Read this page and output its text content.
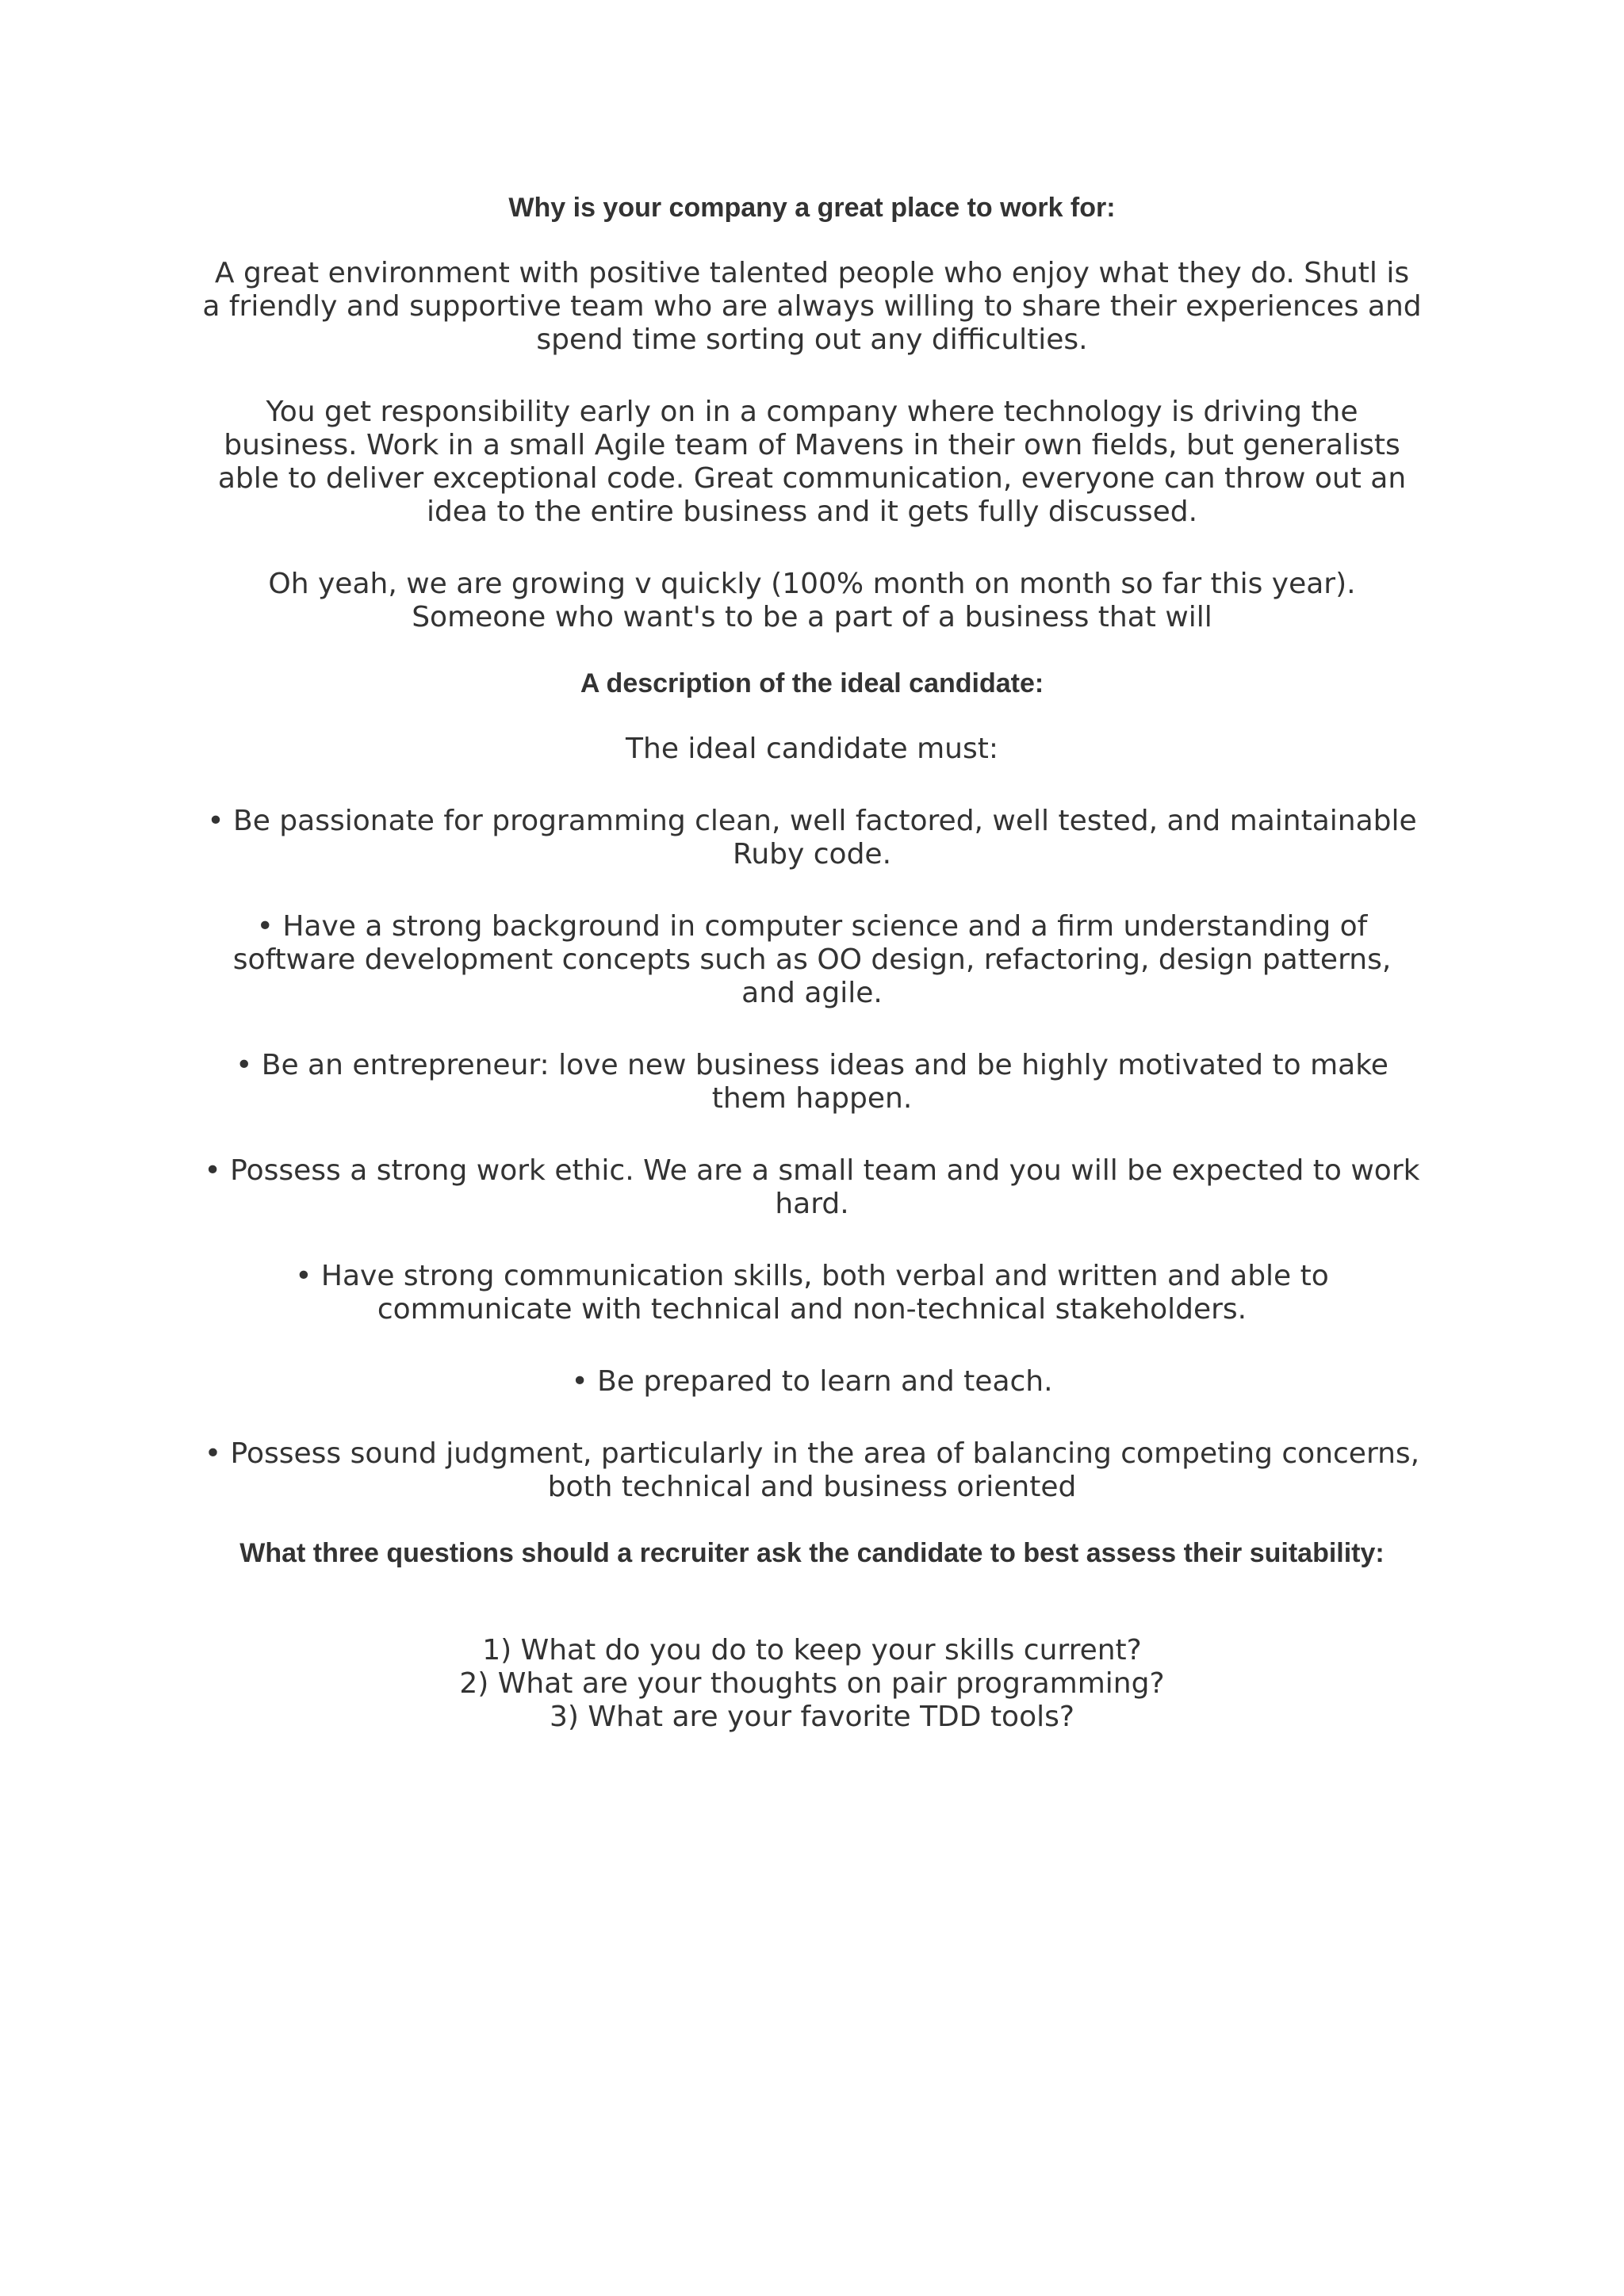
Why is your company a great place to work for:
A great environment with positive talented people who enjoy what they do. Shutl is a friendly and supportive team who are always willing to share their experiences and spend time sorting out any difficulties.
You get responsibility early on in a company where technology is driving the business. Work in a small Agile team of Mavens in their own fields, but generalists able to deliver exceptional code. Great communication, everyone can throw out an idea to the entire business and it gets fully discussed.
Oh yeah, we are growing v quickly (100% month on month so far this year). Someone who want's to be a part of a business that will
A description of the ideal candidate:
The ideal candidate must:
• Be passionate for programming clean, well factored, well tested, and maintainable Ruby code.
• Have a strong background in computer science and a firm understanding of software development concepts such as OO design, refactoring, design patterns, and agile.
• Be an entrepreneur: love new business ideas and be highly motivated to make them happen.
• Possess a strong work ethic. We are a small team and you will be expected to work hard.
• Have strong communication skills, both verbal and written and able to communicate with technical and non-technical stakeholders.
• Be prepared to learn and teach.
• Possess sound judgment, particularly in the area of balancing competing concerns, both technical and business oriented
What three questions should a recruiter ask the candidate to best assess their suitability:
1) What do you do to keep your skills current?
2) What are your thoughts on pair programming?
3) What are your favorite TDD tools?
